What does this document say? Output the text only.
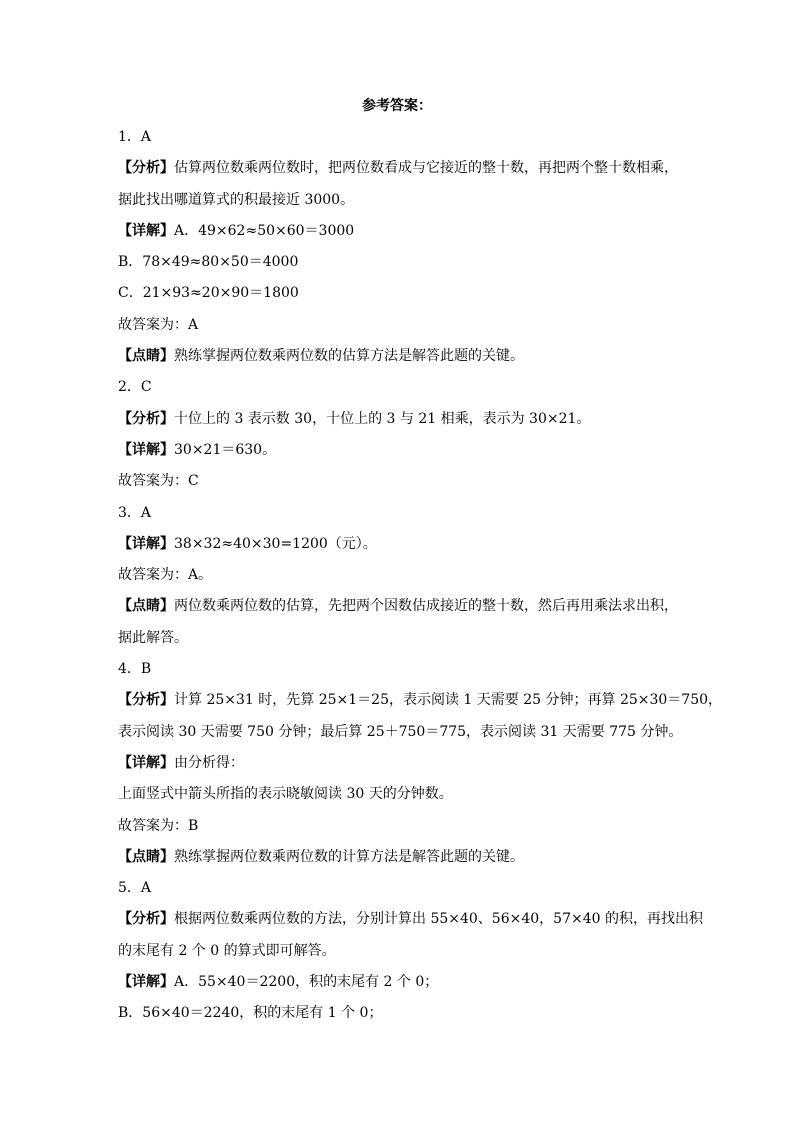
参考答案：
1．A
【分析】估算两位数乘两位数时，把两位数看成与它接近的整十数，再把两个整十数相乘，
据此找出哪道算式的积最接近 3000。
【详解】A．49×62≈50×60＝3000
B．78×49≈80×50＝4000
C．21×93≈20×90＝1800
故答案为：A
【点睛】熟练掌握两位数乘两位数的估算方法是解答此题的关键。
2．C
【分析】十位上的 3 表示数 30，十位上的 3 与 21 相乘，表示为 30×21。
【详解】30×21＝630。
故答案为：C
3．A
【详解】38×32≈40×30=1200（元）。
故答案为：A。
【点睛】两位数乘两位数的估算，先把两个因数估成接近的整十数，然后再用乘法求出积，
据此解答。
4．B
【分析】计算 25×31 时，先算 25×1＝25，表示阅读 1 天需要 25 分钟；再算 25×30＝750，
表示阅读 30 天需要 750 分钟；最后算 25＋750＝775，表示阅读 31 天需要 775 分钟。
【详解】由分析得：
上面竖式中箭头所指的表示晓敏阅读 30 天的分钟数。
故答案为：B
【点睛】熟练掌握两位数乘两位数的计算方法是解答此题的关键。
5．A
【分析】根据两位数乘两位数的方法，分别计算出 55×40、56×40，57×40 的积，再找出积
的末尾有 2 个 0 的算式即可解答。
【详解】A．55×40＝2200，积的末尾有 2 个 0；
B．56×40＝2240，积的末尾有 1 个 0；
